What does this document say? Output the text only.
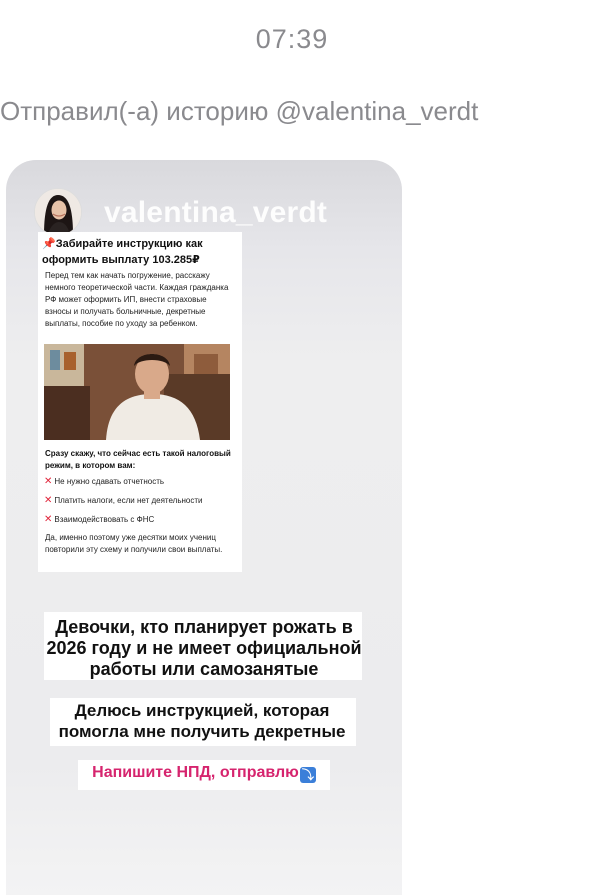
07:39
Отправил(-а) историю @valentina_verdt
valentina_verdt
📌Забирайте инструкцию как оформить выплату 103.285₽
Перед тем как начать погружение, расскажу немного теоретической части. Каждая гражданка РФ может оформить ИП, внести страховые взносы и получать больничные, декретные выплаты, пособие по уходу за ребенком.
Сразу скажу, что сейчас есть такой налоговый режим, в котором вам:
✕ Не нужно сдавать отчетность
✕ Платить налоги, если нет деятельности
✕ Взаимодействовать с ФНС
Да, именно поэтому уже десятки моих учениц повторили эту схему и получили свои выплаты.
Девочки, кто планирует рожать в 2026 году и не имеет официальной работы или самозанятые
Делюсь инструкцией, которая помогла мне получить декретные
Напишите НПД, отправлю ⤵
